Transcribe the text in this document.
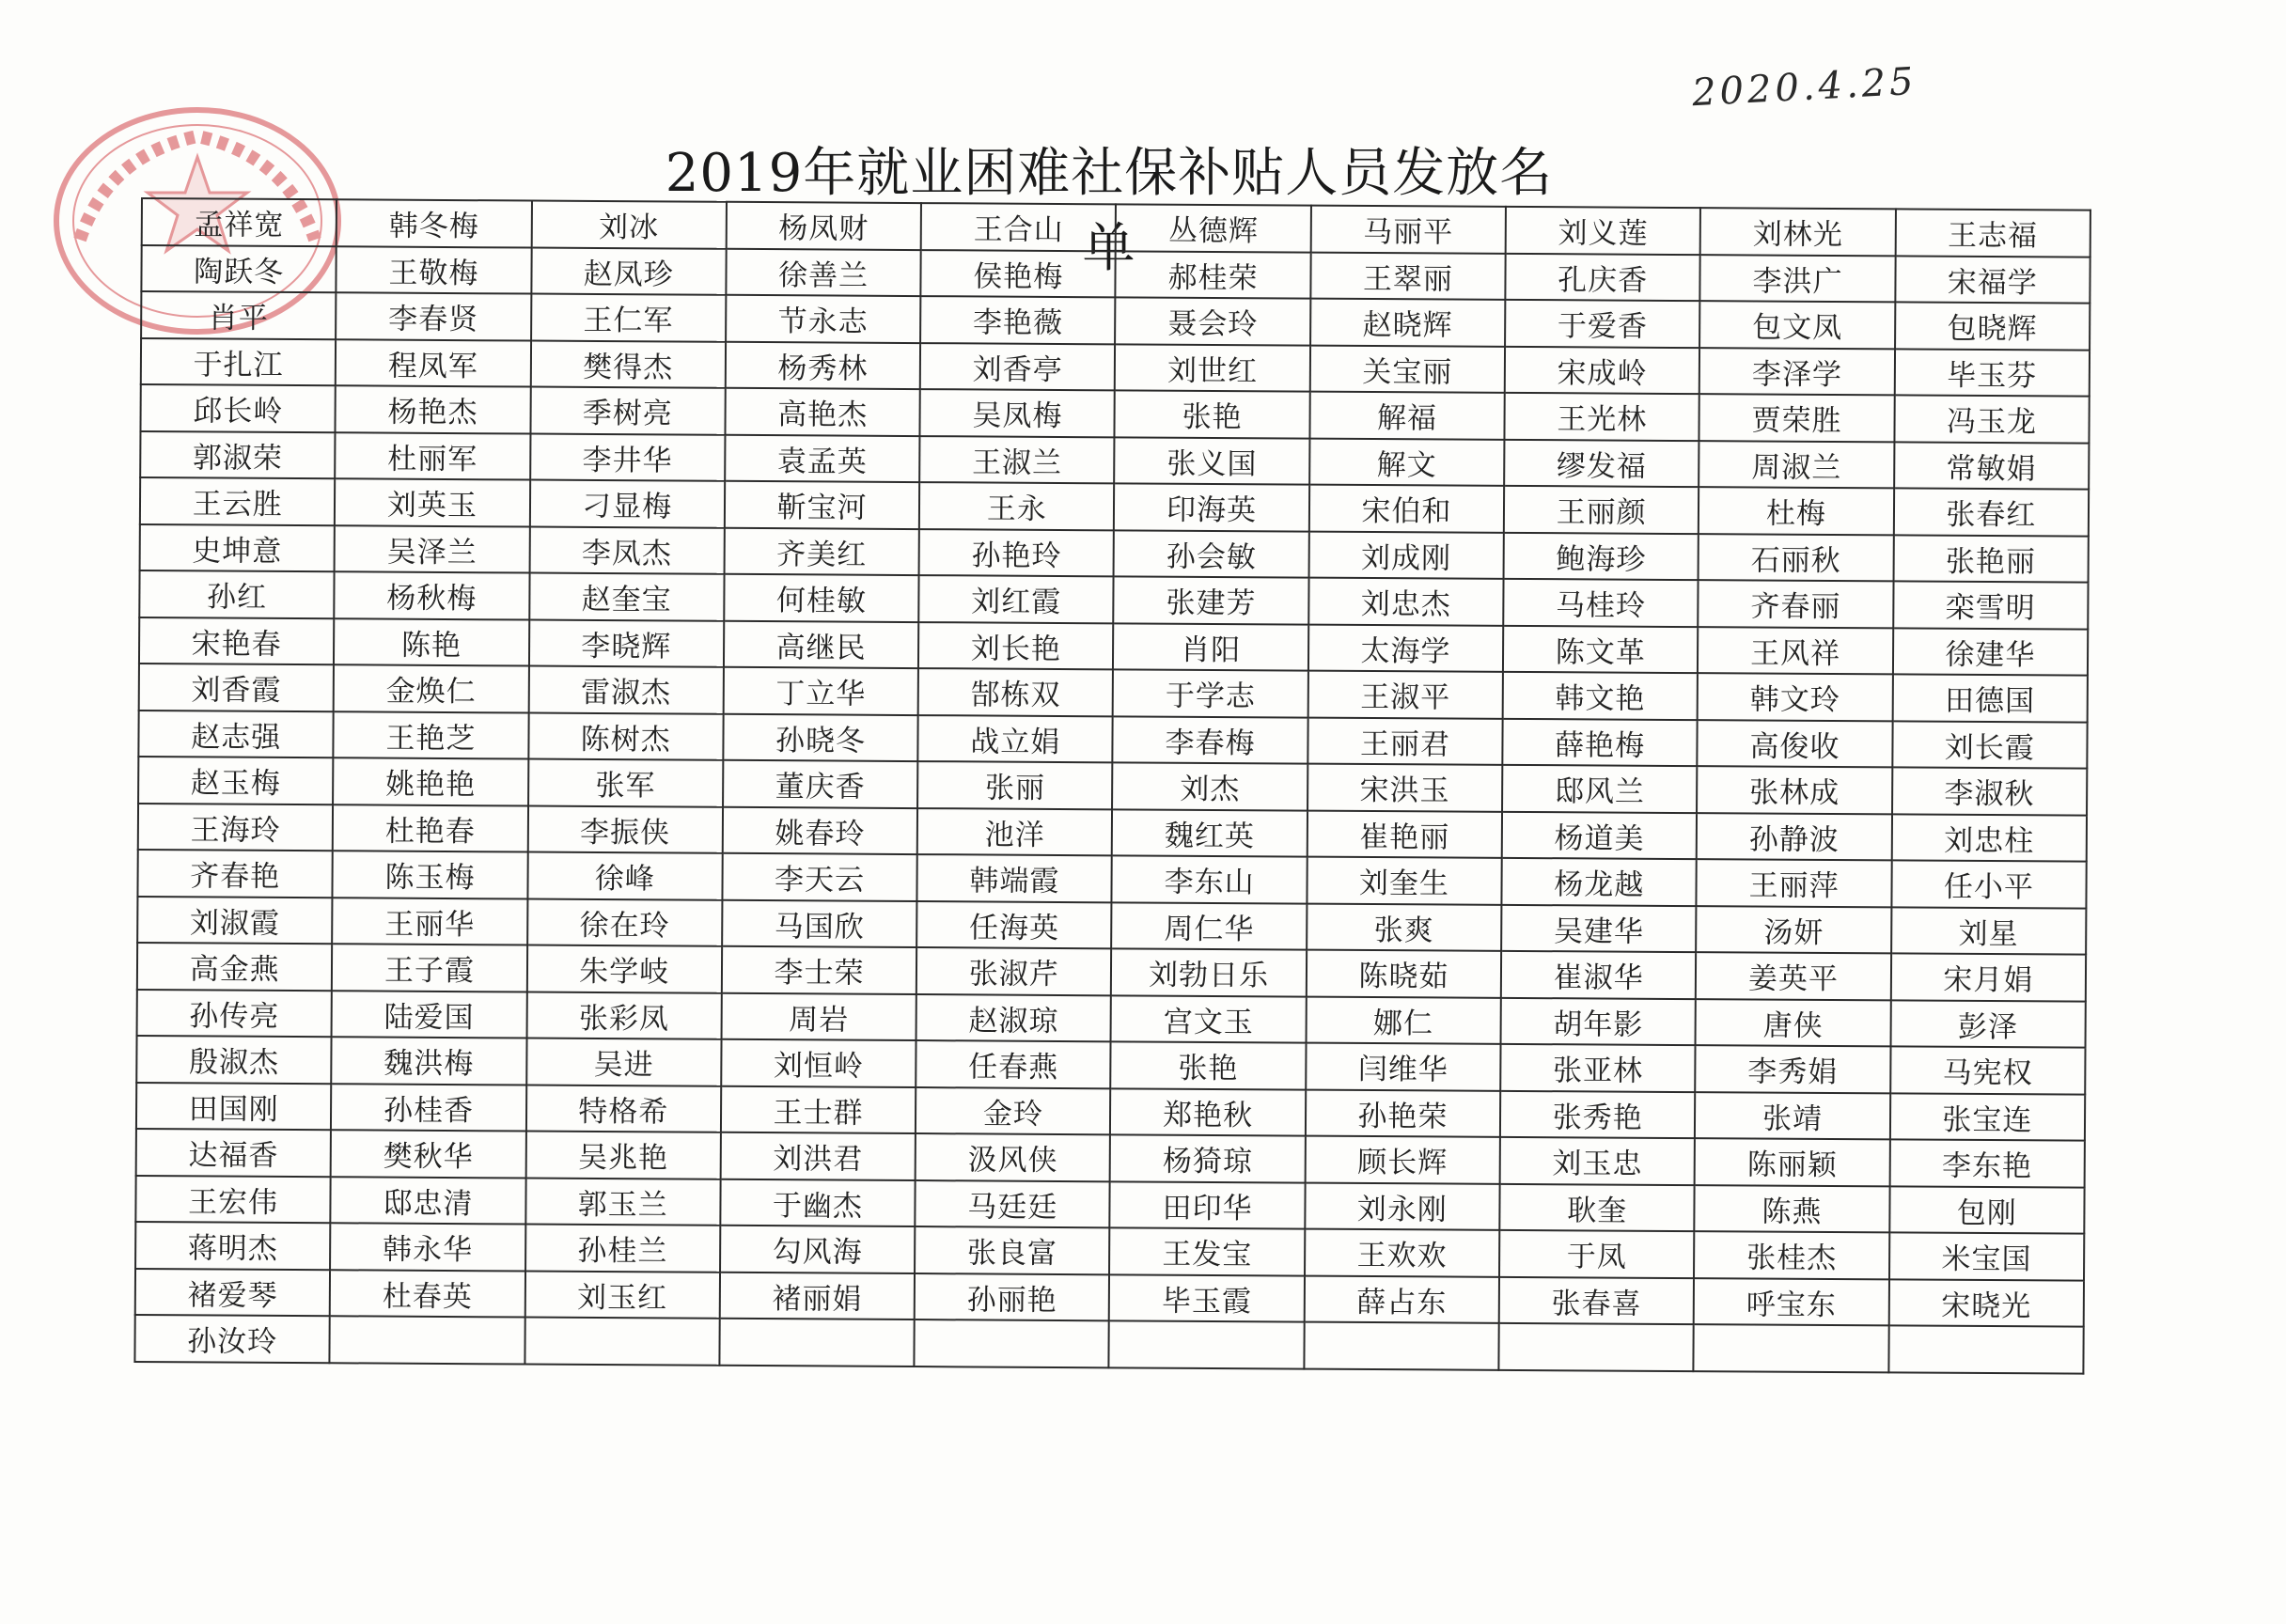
2020.4.25
2019年就业困难社保补贴人员发放名单
孟祥宽	韩冬梅	刘冰	杨凤财	王合山	丛德辉	马丽平	刘义莲	刘林光	王志福
陶跃冬	王敬梅	赵凤珍	徐善兰	侯艳梅	郝桂荣	王翠丽	孔庆香	李洪广	宋福学
肖平	李春贤	王仁军	节永志	李艳薇	聂会玲	赵晓辉	于爱香	包文凤	包晓辉
于扎江	程凤军	樊得杰	杨秀林	刘香亭	刘世红	关宝丽	宋成岭	李泽学	毕玉芬
邱长岭	杨艳杰	季树亮	高艳杰	吴凤梅	张艳	解福	王光林	贾荣胜	冯玉龙
郭淑荣	杜丽军	李井华	袁孟英	王淑兰	张义国	解文	缪发福	周淑兰	常敏娟
王云胜	刘英玉	刁显梅	靳宝河	王永	印海英	宋伯和	王丽颜	杜梅	张春红
史坤意	吴泽兰	李凤杰	齐美红	孙艳玲	孙会敏	刘成刚	鲍海珍	石丽秋	张艳丽
孙红	杨秋梅	赵奎宝	何桂敏	刘红霞	张建芳	刘忠杰	马桂玲	齐春丽	栾雪明
宋艳春	陈艳	李晓辉	高继民	刘长艳	肖阳	太海学	陈文革	王风祥	徐建华
刘香霞	金焕仁	雷淑杰	丁立华	郜栋双	于学志	王淑平	韩文艳	韩文玲	田德国
赵志强	王艳芝	陈树杰	孙晓冬	战立娟	李春梅	王丽君	薛艳梅	高俊收	刘长霞
赵玉梅	姚艳艳	张军	董庆香	张丽	刘杰	宋洪玉	邸风兰	张林成	李淑秋
王海玲	杜艳春	李振侠	姚春玲	池洋	魏红英	崔艳丽	杨道美	孙静波	刘忠柱
齐春艳	陈玉梅	徐峰	李天云	韩端霞	李东山	刘奎生	杨龙越	王丽萍	任小平
刘淑霞	王丽华	徐在玲	马国欣	任海英	周仁华	张爽	吴建华	汤妍	刘星
高金燕	王子霞	朱学岐	李士荣	张淑芹	刘勃日乐	陈晓茹	崔淑华	姜英平	宋月娟
孙传亮	陆爱国	张彩凤	周岩	赵淑琼	宫文玉	娜仁	胡年影	唐侠	彭泽
殷淑杰	魏洪梅	吴进	刘恒岭	任春燕	张艳	闫维华	张亚林	李秀娟	马宪权
田国刚	孙桂香	特格希	王士群	金玲	郑艳秋	孙艳荣	张秀艳	张靖	张宝连
达福香	樊秋华	吴兆艳	刘洪君	汲风侠	杨猗琼	顾长辉	刘玉忠	陈丽颖	李东艳
王宏伟	邸忠清	郭玉兰	于幽杰	马廷廷	田印华	刘永刚	耿奎	陈燕	包刚
蒋明杰	韩永华	孙桂兰	勾风海	张良富	王发宝	王欢欢	于凤	张桂杰	米宝国
褚爱琴	杜春英	刘玉红	褚丽娟	孙丽艳	毕玉霞	薛占东	张春喜	呼宝东	宋晓光
孙汝玲									
